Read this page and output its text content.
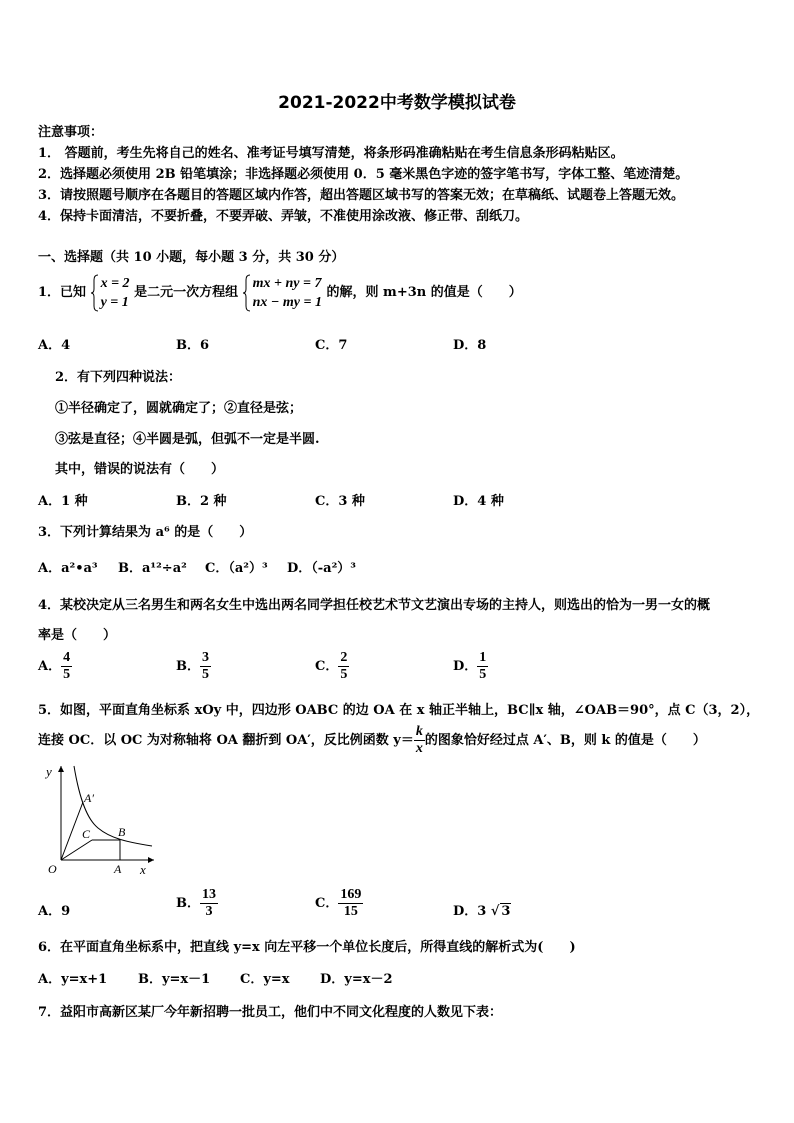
2021-2022中考数学模拟试卷
注意事项：
1． 答题前，考生先将自己的姓名、准考证号填写清楚，将条形码准确粘贴在考生信息条形码粘贴区。
2．选择题必须使用 2B 铅笔填涂；非选择题必须使用 0．5 毫米黑色字迹的签字笔书写，字体工整、笔迹清楚。
3．请按照题号顺序在各题目的答题区域内作答，超出答题区域书写的答案无效；在草稿纸、试题卷上答题无效。
4．保持卡面清洁，不要折叠，不要弄破、弄皱，不准使用涂改液、修正带、刮纸刀。
一、选择题（共 10 小题，每小题 3 分，共 30 分）
1．已知
x = 2
y = 1
是二元一次方程组
mx + ny = 7
nx − my = 1
的解，则 m+3n 的值是（　　）
A．4	B．6	C．7	D．8
2．有下列四种说法：
①半径确定了，圆就确定了；②直径是弦；
③弦是直径；④半圆是弧，但弧不一定是半圆.
其中，错误的说法有（　　）
A．1 种	B．2 种	C．3 种	D．4 种
3．下列计算结果为 a⁶ 的是（　　）
A．a²•a³ B．a¹²÷a² C．（a²）³ D．（-a²）³
4．某校决定从三名男生和两名女生中选出两名同学担任校艺术节文艺演出专场的主持人，则选出的恰为一男一女的概
率是（　　）
A． $\frac{4}{5}$	B． $\frac{3}{5}$	C． $\frac{2}{5}$	D． $\frac{1}{5}$
5．如图，平面直角坐标系 xOy 中，四边形 OABC 的边 OA 在 x 轴正半轴上，BC∥x 轴，∠OAB＝90°，点 C（3，2），
连接 OC．以 OC 为对称轴将 OA 翻折到 OA′，反比例函数 $y= \frac{k}{x}$ 的图象恰好经过点 A′、B，则 k 的值是（　　）
y
x
O	A
A′
C B
A．9
B． $\frac{13}{3}$	C． $\frac{169}{15}$	D．3 √ 3
6．在平面直角坐标系中，把直线 y=x 向左平移一个单位长度后，所得直线的解析式为(　　)
A．y=x+1 B．y=x－1 C．y=x D．y=x－2
7．益阳市高新区某厂今年新招聘一批员工，他们中不同文化程度的人数见下表：
